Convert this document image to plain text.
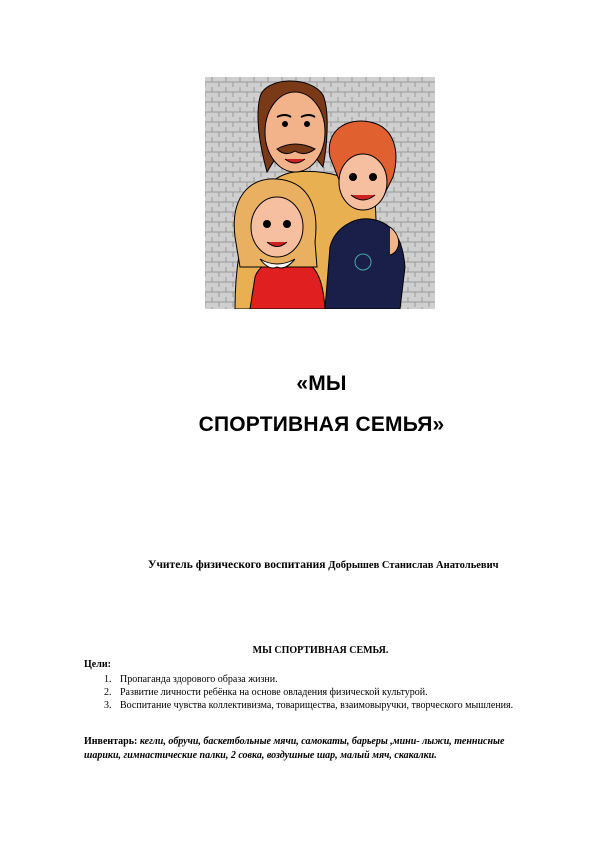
«МЫ
СПОРТИВНАЯ СЕМЬЯ»
Учитель физического воспитания Добрышев Станислав Анатольевич
МЫ СПОРТИВНАЯ СЕМЬЯ.
Цели:
1. Пропаганда здорового образа жизни.
2. Развитие личности ребёнка на основе овладения физической культурой.
3. Воспитание чувства коллективизма, товарищества, взаимовыручки, творческого мышления.
Инвентарь: кегли, обручи, баскетбольные мячи, самокаты, барьеры ,мини- лыжи, теннисные шарики, гимнастические палки, 2 совка, воздушные шар, малый мяч, скакалки.
